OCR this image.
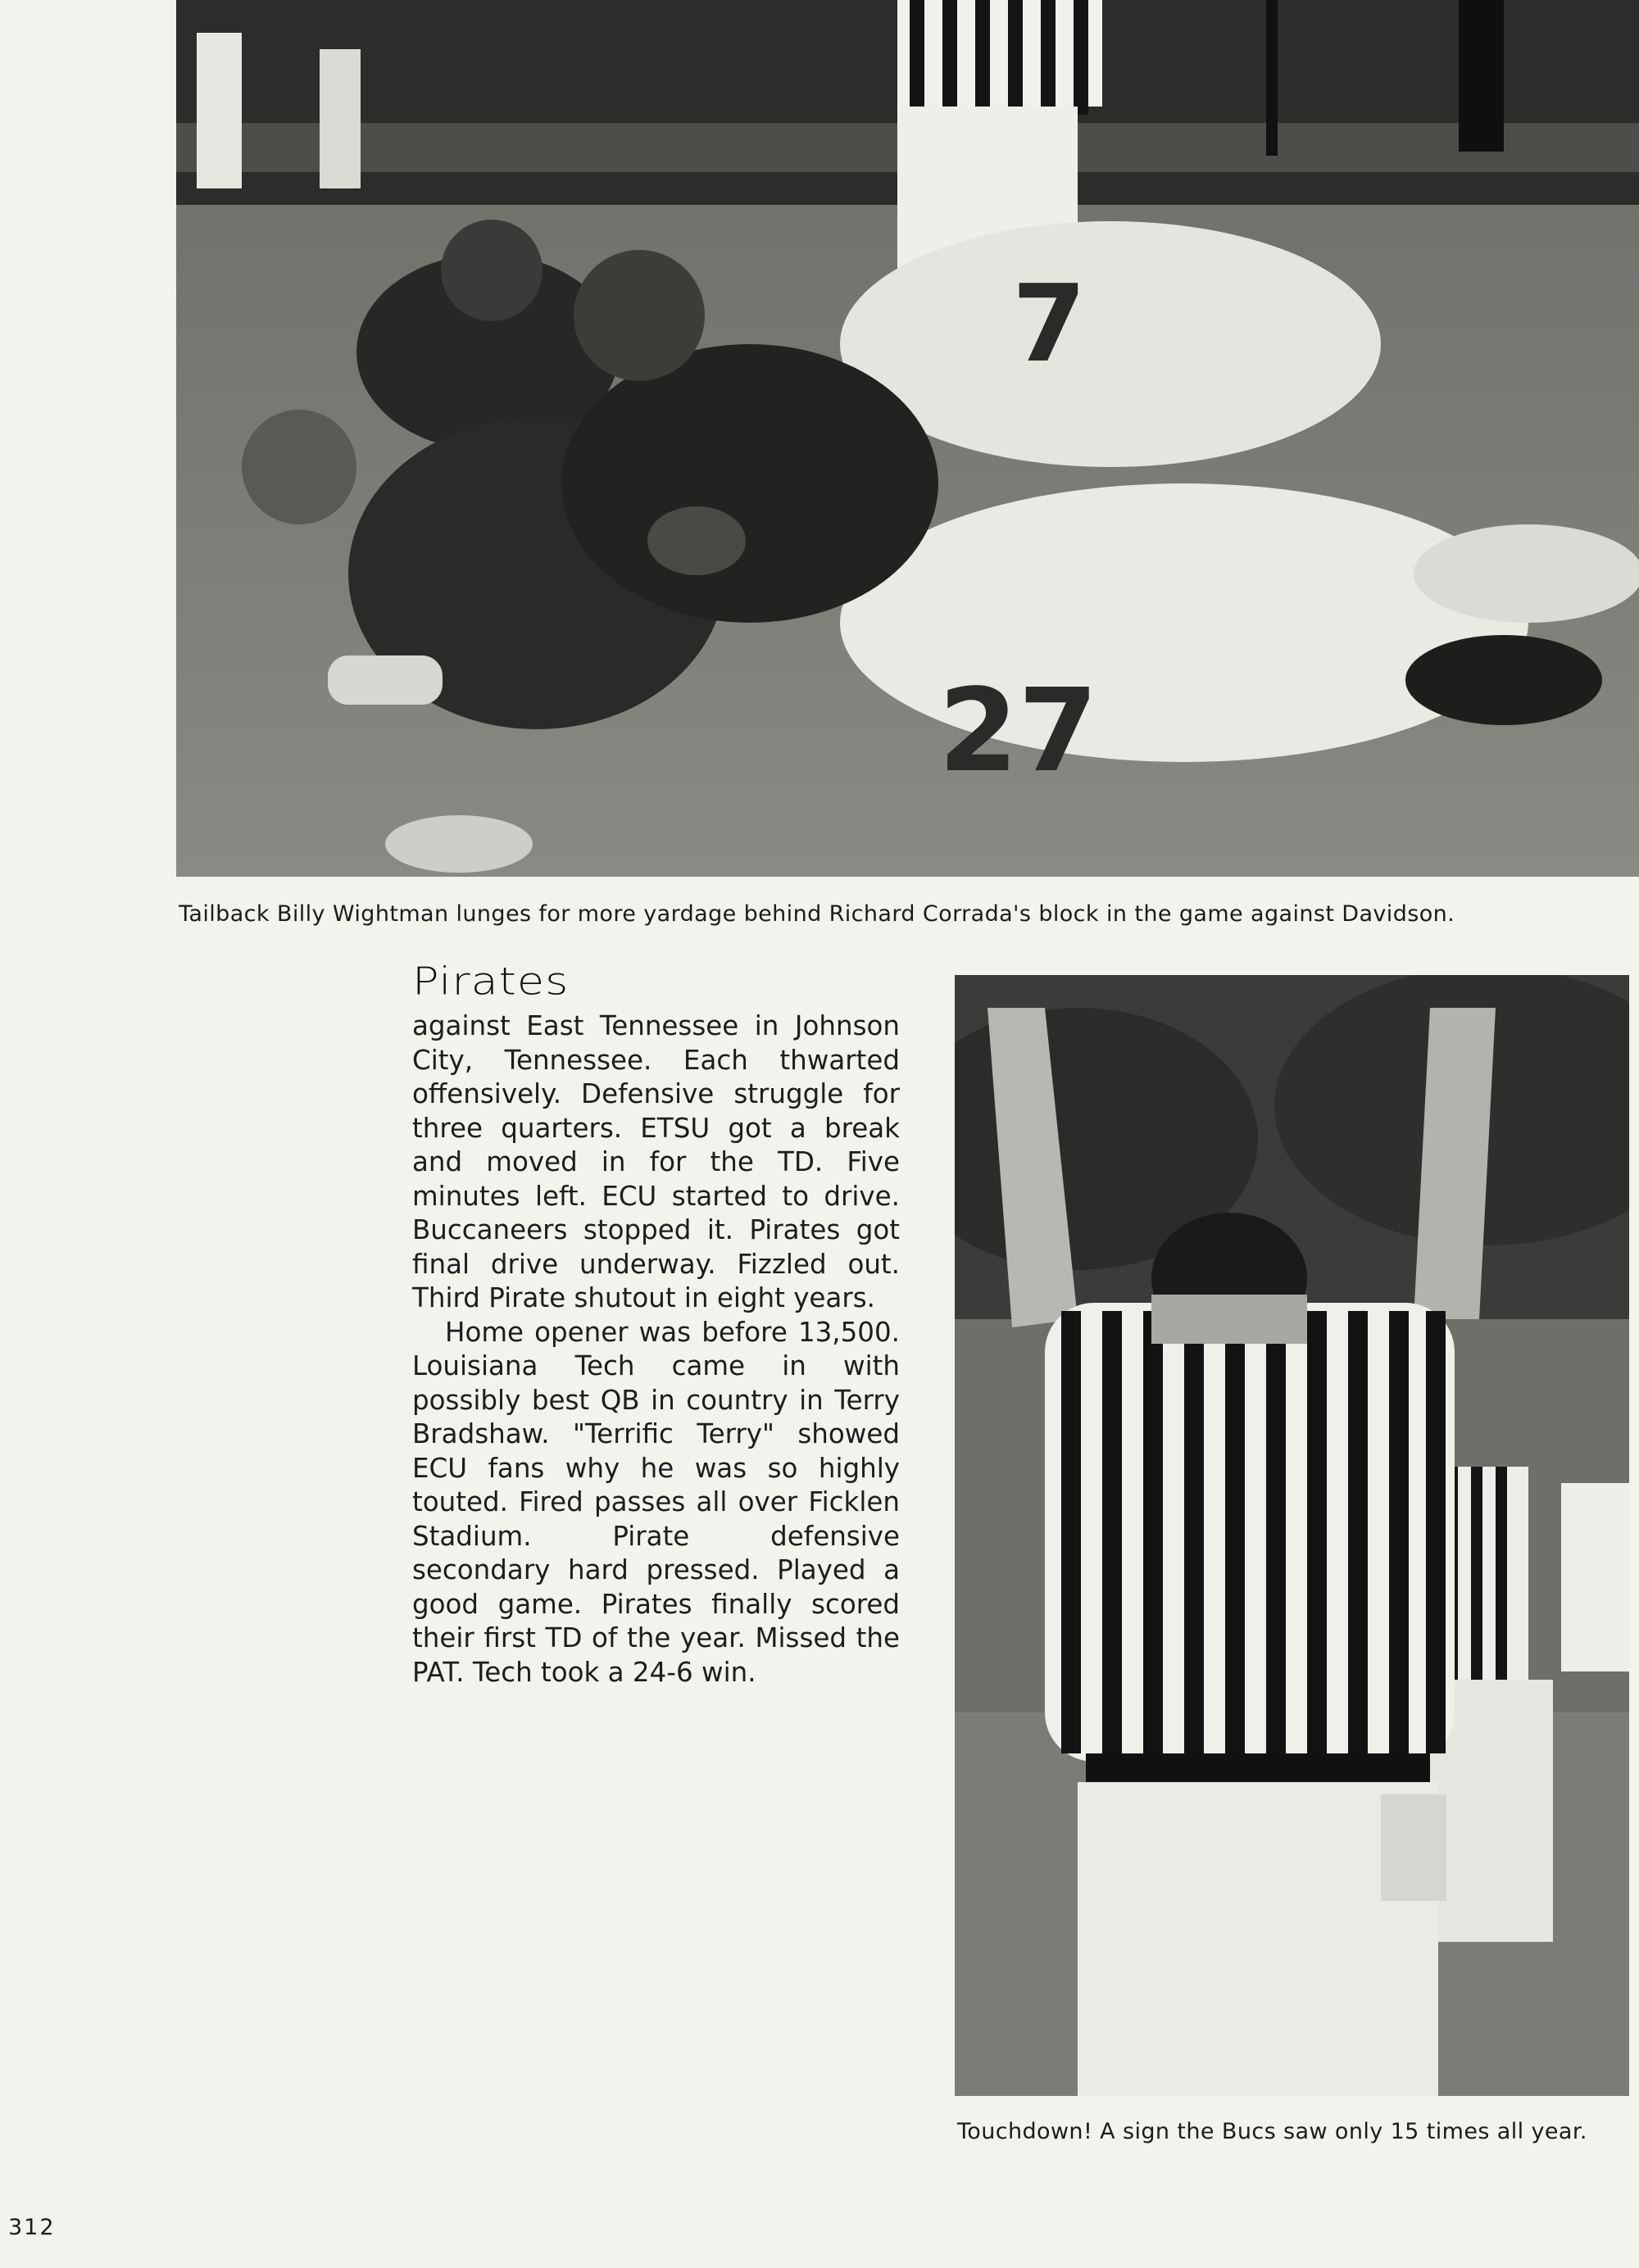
7
27
Tailback Billy Wightman lunges for more yardage behind Richard Corrada's block in the game against Davidson.
Pirates

against East Tennessee in Johnson City, Tennessee. Each thwarted offensively. Defensive struggle for three quarters. ETSU got a break and moved in for the TD. Five minutes left. ECU started to drive. Buccaneers stopped it. Pirates got final drive underway. Fizzled out. Third Pirate shutout in eight years.

Home opener was before 13,500. Louisiana Tech came in with possibly best QB in country in Terry Bradshaw. "Terrific Terry" showed ECU fans why he was so highly touted. Fired passes all over Ficklen Stadium. Pirate defensive secondary hard pressed. Played a good game. Pirates finally scored their first TD of the year. Missed the PAT. Tech took a 24-6 win.

Touchdown! A sign the Bucs saw only 15 times all year.
312
